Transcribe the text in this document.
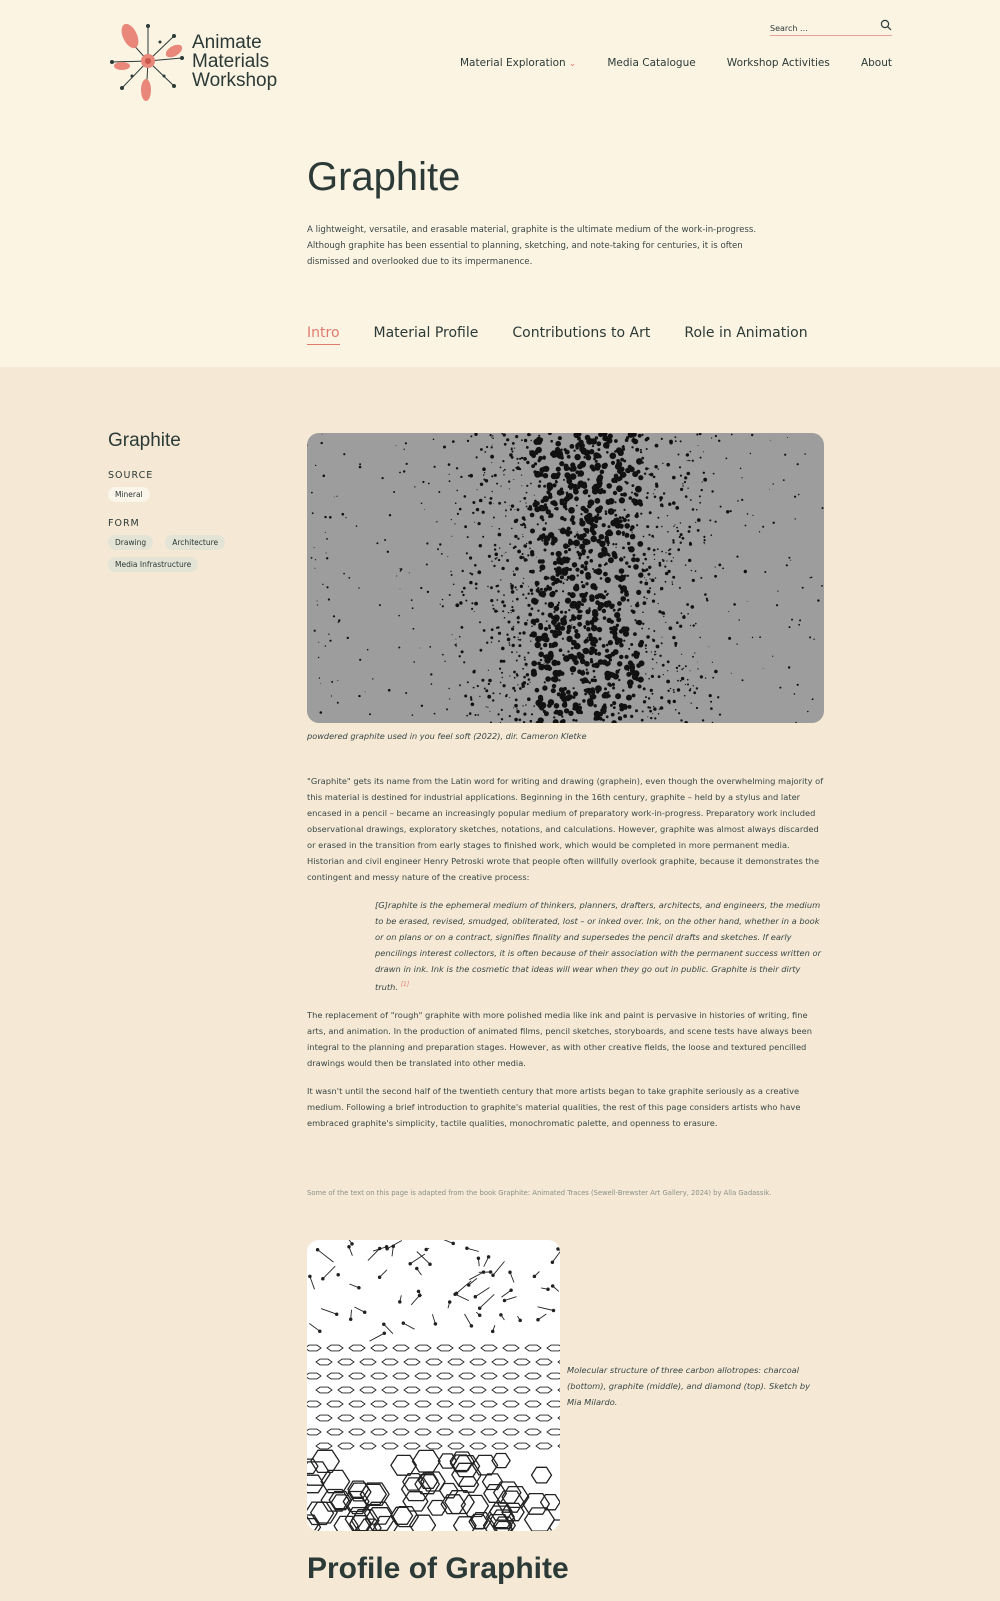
Animate
Materials
Workshop
Search ...
Material Exploration ⌄	Media Catalogue	Workshop Activities	About
Graphite

A lightweight, versatile, and erasable material, graphite is the ultimate medium of the work-in-progress. Although graphite has been essential to planning, sketching, and note-taking for centuries, it is often dismissed and overlooked due to its impermanence.

Intro Material Profile Contributions to Art Role in Animation
Graphite
SOURCE
Mineral
FORM
Drawing	Architecture
Media Infrastructure
powdered graphite used in you feel soft (2022), dir. Cameron Kletke

"Graphite" gets its name from the Latin word for writing and drawing (graphein), even though the overwhelming majority of this material is destined for industrial applications. Beginning in the 16th century, graphite – held by a stylus and later encased in a pencil – became an increasingly popular medium of preparatory work-in-progress. Preparatory work included observational drawings, exploratory sketches, notations, and calculations. However, graphite was almost always discarded or erased in the transition from early stages to finished work, which would be completed in more permanent media. Historian and civil engineer Henry Petroski wrote that people often willfully overlook graphite, because it demonstrates the contingent and messy nature of the creative process:

[G]raphite is the ephemeral medium of thinkers, planners, drafters, architects, and engineers, the medium to be erased, revised, smudged, obliterated, lost – or inked over. Ink, on the other hand, whether in a book or on plans or on a contract, signifies finality and supersedes the pencil drafts and sketches. If early pencilings interest collectors, it is often because of their association with the permanent success written or drawn in ink. Ink is the cosmetic that ideas will wear when they go out in public. Graphite is their dirty truth. [1]

The replacement of "rough" graphite with more polished media like ink and paint is pervasive in histories of writing, fine arts, and animation. In the production of animated films, pencil sketches, storyboards, and scene tests have always been integral to the planning and preparation stages. However, as with other creative fields, the loose and textured pencilled drawings would then be translated into other media.

It wasn't until the second half of the twentieth century that more artists began to take graphite seriously as a creative medium. Following a brief introduction to graphite's material qualities, the rest of this page considers artists who have embraced graphite's simplicity, tactile qualities, monochromatic palette, and openness to erasure.

Some of the text on this page is adapted from the book Graphite: Animated Traces (Sewell-Brewster Art Gallery, 2024) by Alla Gadassik.
Molecular structure of three carbon allotropes: charcoal (bottom), graphite (middle), and diamond (top). Sketch by Mia Milardo.
Profile of Graphite
